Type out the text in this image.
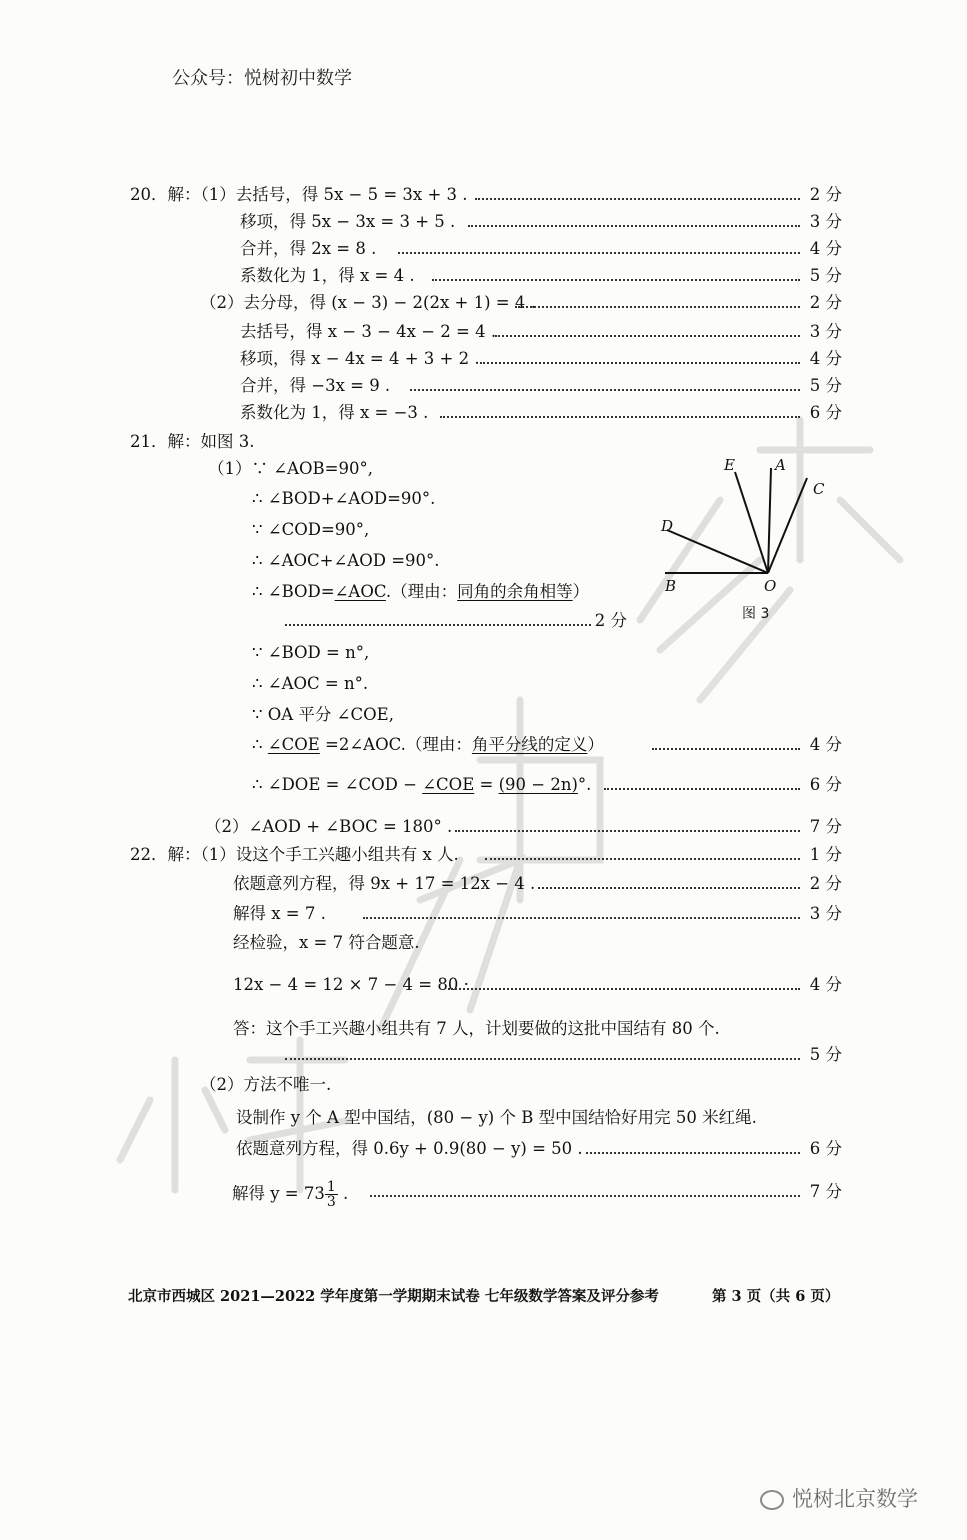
公众号：悦树初中数学
20．解：（1）去括号，得 5x − 5 = 3x + 3 .	2 分
移项，得 5x − 3x = 3 + 5 .	3 分
合并，得 2x = 8 .	4 分
系数化为 1，得 x = 4 .	5 分
（2）去分母，得 (x − 3) − 2(2x + 1) = 4 .	2 分
去括号，得 x − 3 − 4x − 2 = 4 .	3 分
移项，得 x − 4x = 4 + 3 + 2 .	4 分
合并，得 −3x = 9 .	5 分
系数化为 1，得 x = −3 .	6 分
21．解：如图 3.
（1）∵ ∠AOB=90°,
∴ ∠BOD+∠AOD=90°.
∵ ∠COD=90°,
∴ ∠AOC+∠AOD =90°.
∴ ∠BOD=∠AOC.（理由：同角的余角相等）
2 分
∵ ∠BOD = n°,
∴ ∠AOC = n°.
∵ OA 平分 ∠COE,
∴ ∠COE =2∠AOC.（理由：角平分线的定义）	4 分
∴ ∠DOE = ∠COD − ∠COE = (90 − 2n)°.	6 分
（2）∠AOD + ∠BOC = 180° .	7 分
E	A
C
D
B	O
图 3
22．解：（1）设这个手工兴趣小组共有 x 人.	1 分
依题意列方程，得 9x + 17 = 12x − 4 .	2 分
解得 x = 7 .	3 分
经检验，x = 7 符合题意.
12x − 4 = 12 × 7 − 4 = 80 ·	4 分
答：这个手工兴趣小组共有 7 人，计划要做的这批中国结有 80 个.
5 分
（2）方法不唯一.
设制作 y 个 A 型中国结，(80 − y) 个 B 型中国结恰好用完 50 米红绳.
依题意列方程，得 0.6y + 0.9(80 − y) = 50 .	6 分
解得 $y = 73 \frac{1}{3}$ .	7 分
北京市西城区 2021—2022 学年度第一学期期末试卷 七年级数学答案及评分参考	第 3 页（共 6 页）
悦树北京数学
